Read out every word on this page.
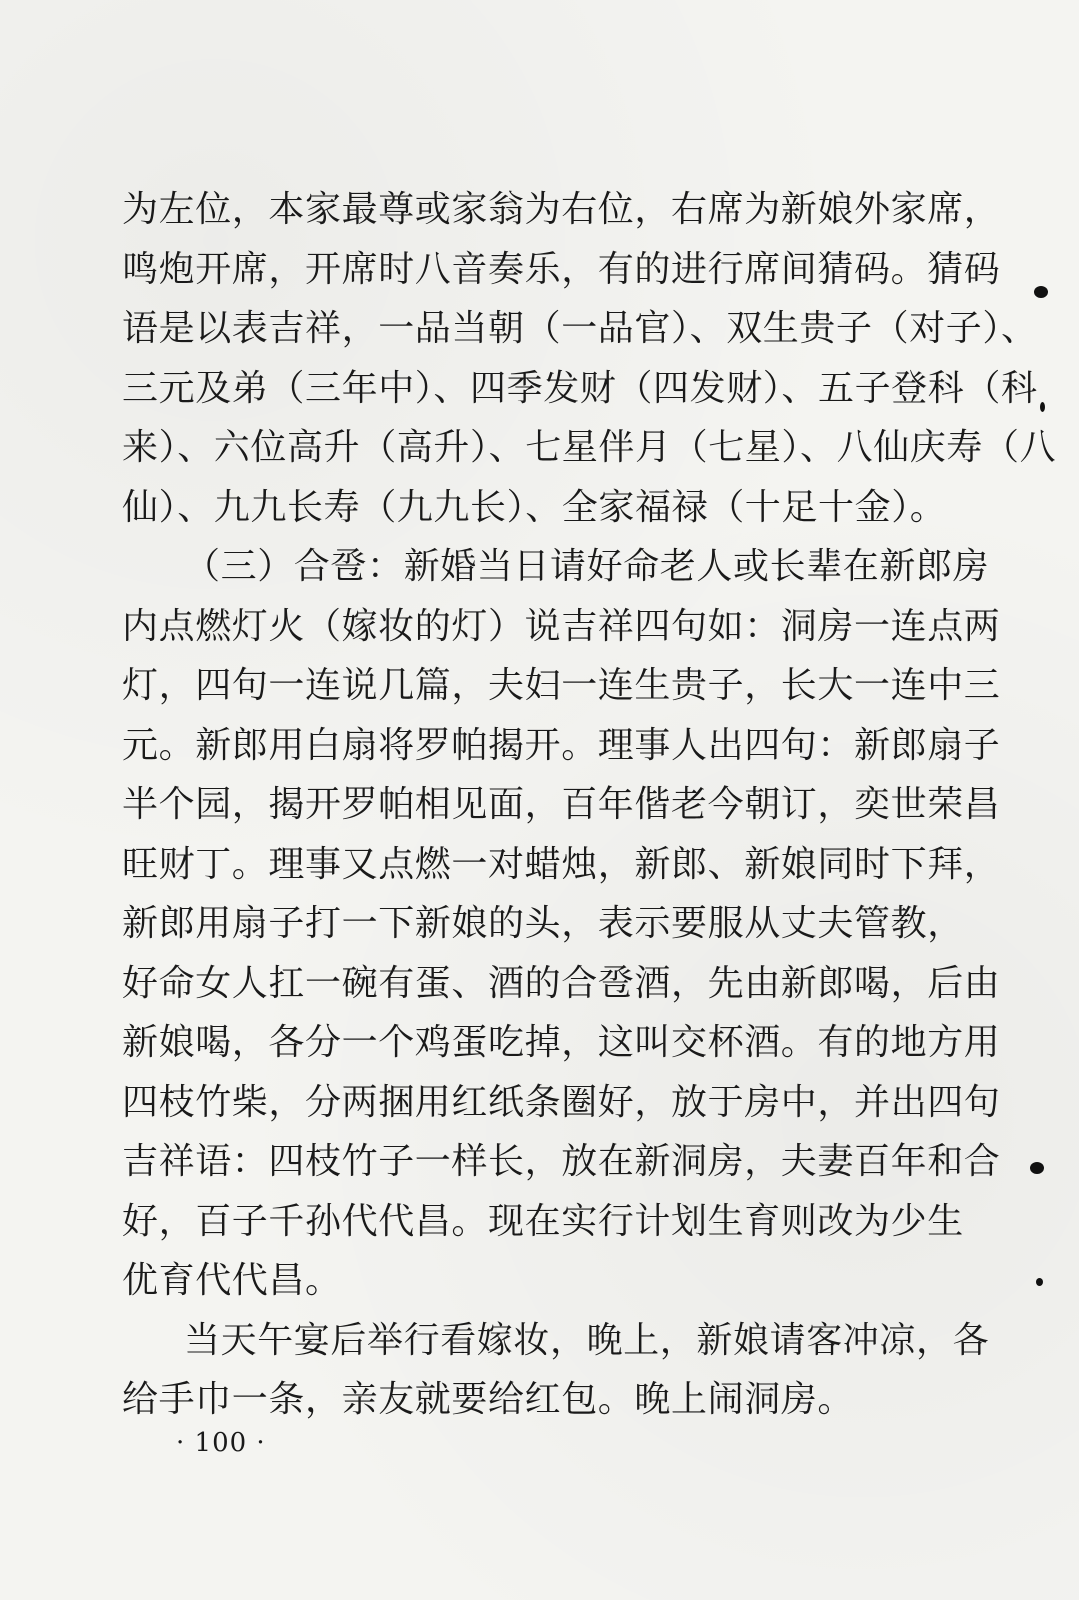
为左位，本家最尊或家翁为右位，右席为新娘外家席，
鸣炮开席，开席时八音奏乐，有的进行席间猜码。猜码
语是以表吉祥，一品当朝（一品官）、双生贵子（对子）、
三元及弟（三年中）、四季发财（四发财）、五子登科（科
来）、六位高升（高升）、七星伴月（七星）、八仙庆寿（八
仙）、九九长寿（九九长）、全家福禄（十足十金）。
（三）合卺：新婚当日请好命老人或长辈在新郎房
内点燃灯火（嫁妆的灯）说吉祥四句如：洞房一连点两
灯，四句一连说几篇，夫妇一连生贵子，长大一连中三
元。新郎用白扇将罗帕揭开。理事人出四句：新郎扇子
半个园，揭开罗帕相见面，百年偕老今朝订，奕世荣昌
旺财丁。理事又点燃一对蜡烛，新郎、新娘同时下拜，
新郎用扇子打一下新娘的头，表示要服从丈夫管教，
好命女人扛一碗有蛋、酒的合卺酒，先由新郎喝，后由
新娘喝，各分一个鸡蛋吃掉，这叫交杯酒。有的地方用
四枝竹柴，分两捆用红纸条圈好，放于房中，并出四句
吉祥语：四枝竹子一样长，放在新洞房，夫妻百年和合
好，百子千孙代代昌。现在实行计划生育则改为少生
优育代代昌。
当天午宴后举行看嫁妆，晚上，新娘请客冲凉，各
给手巾一条，亲友就要给红包。晚上闹洞房。
· 100 ·
